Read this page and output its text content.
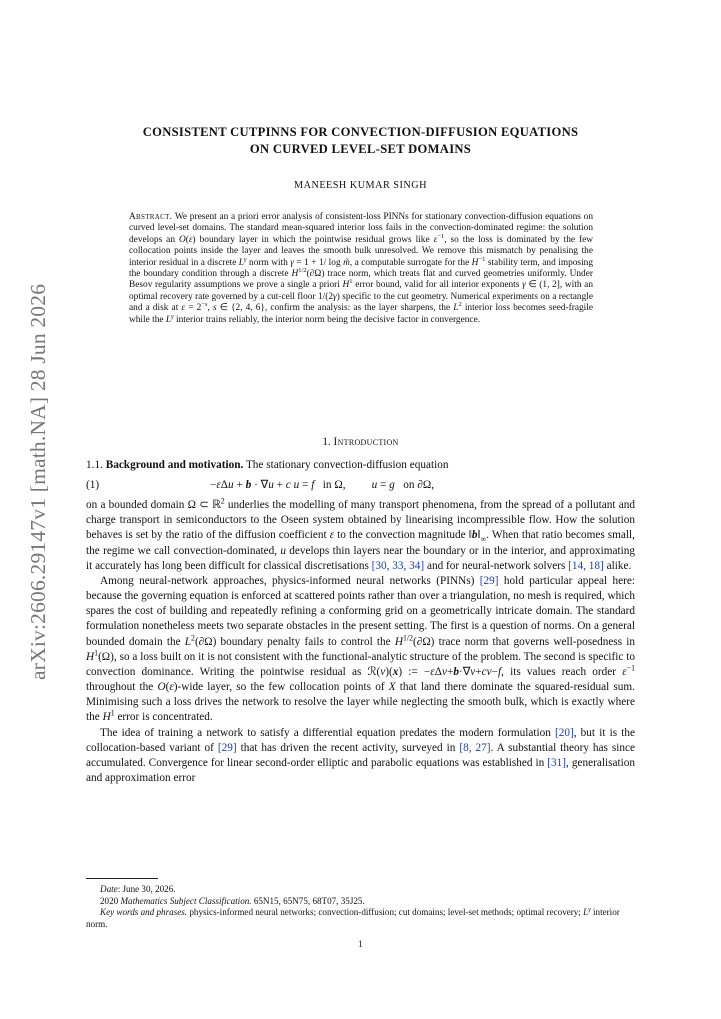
arXiv:2606.29147v1 [math.NA] 28 Jun 2026
CONSISTENT CUTPINNS FOR CONVECTION-DIFFUSION EQUATIONS
ON CURVED LEVEL-SET DOMAINS
MANEESH KUMAR SINGH
Abstract. We present an a priori error analysis of consistent-loss PINNs for stationary convection-diffusion equations on curved level-set domains. The standard mean-squared interior loss fails in the convection-dominated regime: the solution develops an O(ε) boundary layer in which the pointwise residual grows like $\varepsilon^{-1}$, so the loss is dominated by the few collocation points inside the layer and leaves the smooth bulk unresolved. We remove this mismatch by penalising the interior residual in a discrete $L^\gamma$ norm with γ = 1 + 1/ log m̃, a computable surrogate for the $H^{-1}$ stability term, and imposing the boundary condition through a discrete $H^{1/2}(\partial\Omega)$ trace norm, which treats flat and curved geometries uniformly. Under Besov regularity assumptions we prove a single a priori $H^1$ error bound, valid for all interior exponents γ ∈ (1, 2], with an optimal recovery rate governed by a cut-cell floor 1/(2γ) specific to the cut geometry. Numerical experiments on a rectangle and a disk at $\varepsilon = 2^{-s}$, s ∈ {2, 4, 6}, confirm the analysis: as the layer sharpens, the $L^2$ interior loss becomes seed-fragile while the $L^\gamma$ interior trains reliably, the interior norm being the decisive factor in convergence.
1. Introduction

1.1. Background and motivation. The stationary convection-diffusion equation

(1)	−εΔu + b · ∇u + c u = f in Ω, u = g on ∂Ω,

on a bounded domain Ω ⊂ ℝ$^2$ underlies the modelling of many transport phenomena, from the spread of a pollutant and charge transport in semiconductors to the Oseen system obtained by linearising incompressible flow. How the solution behaves is set by the ratio of the diffusion coefficient ε to the convection magnitude $‖b‖_\infty$. When that ratio becomes small, the regime we call convection-dominated, u develops thin layers near the boundary or in the interior, and approximating it accurately has long been difficult for classical discretisations [30, 33, 34] and for neural-network solvers [14, 18] alike.

Among neural-network approaches, physics-informed neural networks (PINNs) [29] hold particular appeal here: because the governing equation is enforced at scattered points rather than over a triangulation, no mesh is required, which spares the cost of building and repeatedly refining a conforming grid on a geometrically intricate domain. The standard formulation nonetheless meets two separate obstacles in the present setting. The first is a question of norms. On a general bounded domain the $L^2(\partial\Omega)$ boundary penalty fails to control the $H^{1/2}(\partial\Omega)$ trace norm that governs well-posedness in $H^1(\Omega)$, so a loss built on it is not consistent with the functional-analytic structure of the problem. The second is specific to convection dominance. Writing the pointwise residual as ℛ(v)(x) := −εΔv+b·∇v+cv−f, its values reach order $\varepsilon^{-1}$ throughout the O(ε)-wide layer, so the few collocation points of X that land there dominate the squared-residual sum. Minimising such a loss drives the network to resolve the layer while neglecting the smooth bulk, which is exactly where the $H^1$ error is concentrated.

The idea of training a network to satisfy a differential equation predates the modern formulation [20], but it is the collocation-based variant of [29] that has driven the recent activity, surveyed in [8, 27]. A substantial theory has since accumulated. Convergence for linear second-order elliptic and parabolic equations was established in [31], generalisation and approximation error

Date: June 30, 2026.
2020 Mathematics Subject Classification. 65N15, 65N75, 68T07, 35J25.
Key words and phrases. physics-informed neural networks; convection-diffusion; cut domains; level-set methods; optimal recovery; $L^\gamma$ interior norm.
1
